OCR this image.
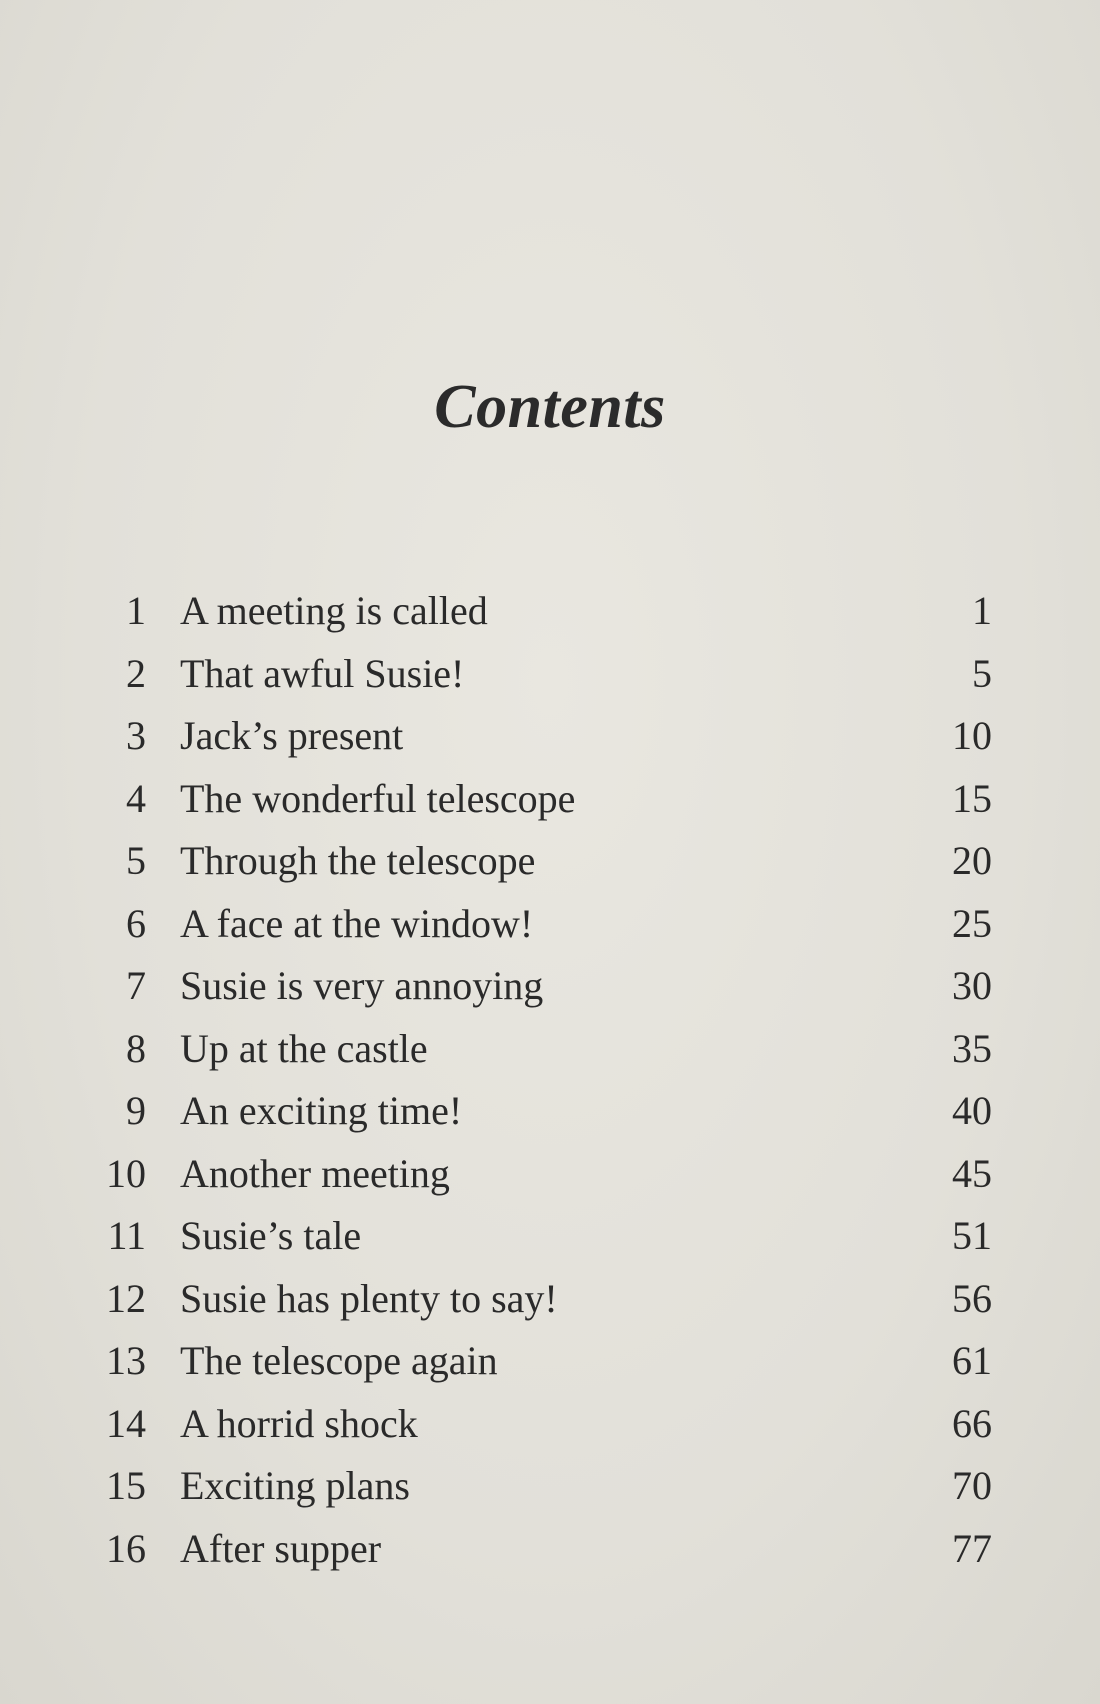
Contents
1 A meeting is called	1
2 That awful Susie!	5
3 Jack’s present	10
4 The wonderful telescope	15
5 Through the telescope	20
6 A face at the window!	25
7 Susie is very annoying	30
8 Up at the castle	35
9 An exciting time!	40
10 Another meeting	45
11 Susie’s tale	51
12 Susie has plenty to say!	56
13 The telescope again	61
14 A horrid shock	66
15 Exciting plans	70
16 After supper	77
